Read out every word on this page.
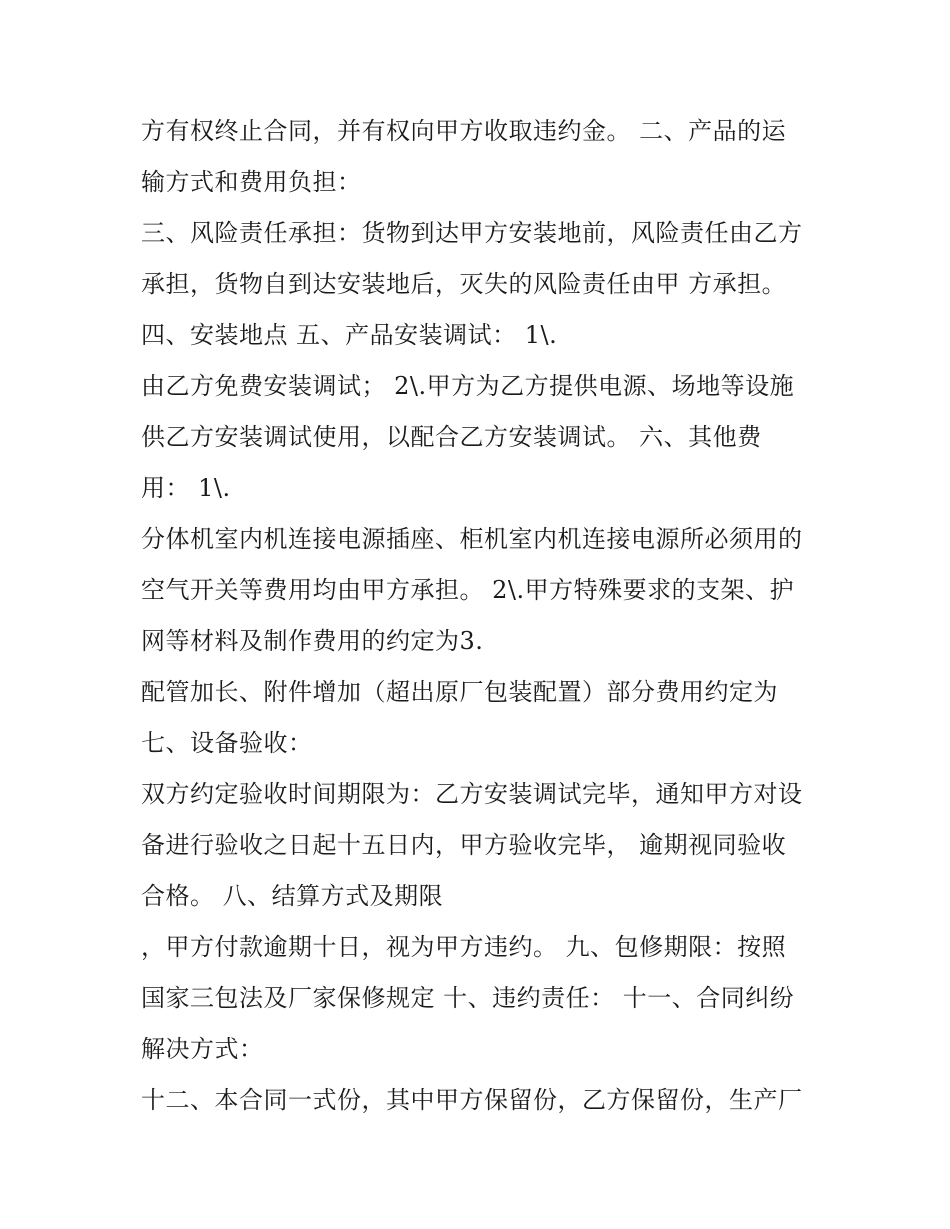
方有权终止合同，并有权向甲方收取违约金。 二、产品的运
输方式和费用负担：
三、风险责任承担：货物到达甲方安装地前，风险责任由乙方
承担，货物自到达安装地后，灭失的风险责任由甲 方承担。
四、安装地点 五、产品安装调试： 1\.
由乙方免费安装调试； 2\.甲方为乙方提供电源、场地等设施
供乙方安装调试使用，以配合乙方安装调试。 六、其他费
用： 1\.
分体机室内机连接电源插座、柜机室内机连接电源所必须用的
空气开关等费用均由甲方承担。 2\.甲方特殊要求的支架、护
网等材料及制作费用的约定为3.
配管加长、附件增加（超出原厂包装配置）部分费用约定为
七、设备验收：
双方约定验收时间期限为：乙方安装调试完毕，通知甲方对设
备进行验收之日起十五日内，甲方验收完毕， 逾期视同验收
合格。 八、结算方式及期限
，甲方付款逾期十日，视为甲方违约。 九、包修期限：按照
国家三包法及厂家保修规定 十、违约责任： 十一、合同纠纷
解决方式：
十二、本合同一式份，其中甲方保留份，乙方保留份，生产厂
